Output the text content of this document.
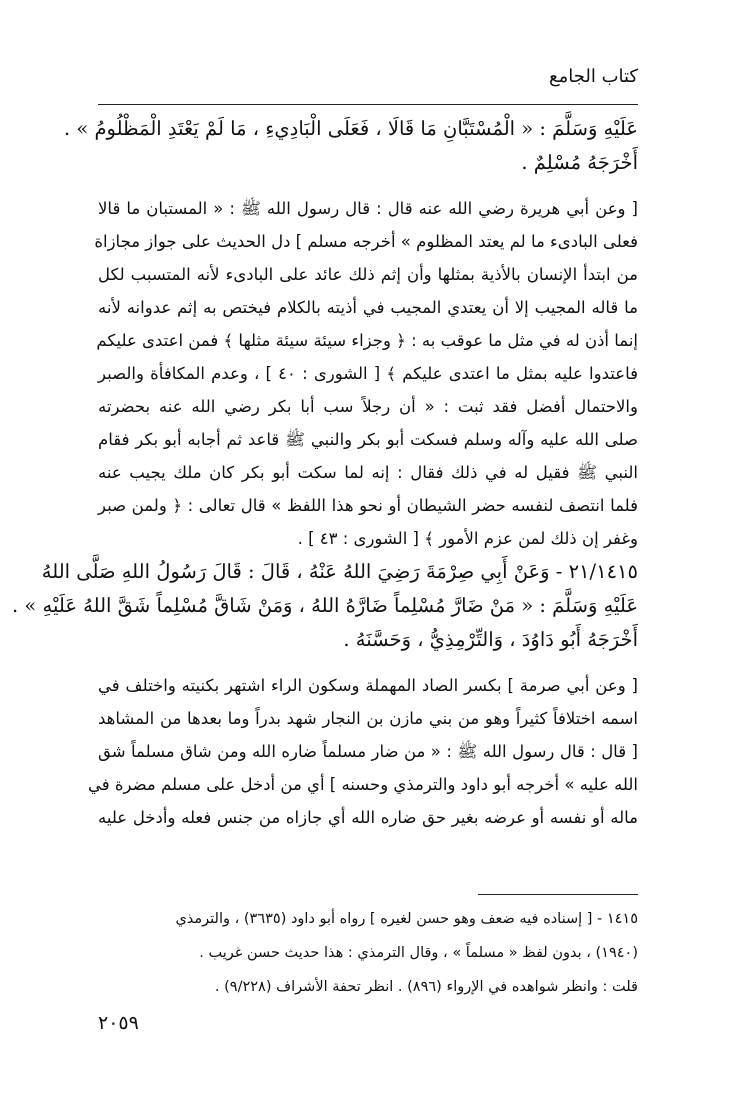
كتاب الجامع
عَلَيْهِ وَسَلَّمَ : « الْمُسْتَبَّانِ مَا قَالَا ، فَعَلَى الْبَادِيءِ ، مَا لَمْ يَعْتَدِ الْمَظْلُومُ » .
أَخْرَجَهُ مُسْلِمٌ .
[ وعن أبي هريرة رضي الله عنه قال : قال رسول الله ﷺ : « المستبان ما قالا
فعلى البادىء ما لم يعتد المظلوم » أخرجه مسلم ] دل الحديث على جواز مجازاة
من ابتدأ الإنسان بالأذية بمثلها وأن إثم ذلك عائد على البادىء لأنه المتسبب لكل
ما قاله المجيب إلا أن يعتدي المجيب في أذيته بالكلام فيختص به إثم عدوانه لأنه
إنما أذن له في مثل ما عوقب به : ﴿ وجزاء سيئة سيئة مثلها ﴾ فمن اعتدى عليكم
فاعتدوا عليه بمثل ما اعتدى عليكم ﴾ [ الشورى : ٤٠ ] ، وعدم المكافأة والصبر
والاحتمال أفضل فقد ثبت : « أن رجلاً سب أبا بكر رضي الله عنه بحضرته
صلى الله عليه وآله وسلم فسكت أبو بكر والنبي ﷺ قاعد ثم أجابه أبو بكر فقام
النبي ﷺ فقيل له في ذلك فقال : إنه لما سكت أبو بكر كان ملك يجيب عنه
فلما انتصف لنفسه حضر الشيطان أو نحو هذا اللفظ » قال تعالى : ﴿ ولمن صبر
وغفر إن ذلك لمن عزم الأمور ﴾ [ الشورى : ٤٣ ] .
٢١/١٤١٥ - وَعَنْ أَبِي صِرْمَةَ رَضِيَ اللهُ عَنْهُ ، قَالَ : قَالَ رَسُولُ اللهِ صَلَّى اللهُ
عَلَيْهِ وَسَلَّمَ : « مَنْ ضَارَّ مُسْلِماً ضَارَّهُ اللهُ ، وَمَنْ شَاقَّ مُسْلِماً شَقَّ اللهُ عَلَيْهِ » .
أَخْرَجَهُ أَبُو دَاوُدَ ، وَالتِّرْمِذِيُّ ، وَحَسَّنَهُ .
[ وعن أبي صرمة ] بكسر الصاد المهملة وسكون الراء اشتهر بكنيته واختلف في
اسمه اختلافاً كثيراً وهو من بني مازن بن النجار شهد بدراً وما بعدها من المشاهد
[ قال : قال رسول الله ﷺ : « من ضار مسلماً ضاره الله ومن شاق مسلماً شق
الله عليه » أخرجه أبو داود والترمذي وحسنه ] أي من أدخل على مسلم مضرة في
ماله أو نفسه أو عرضه بغير حق ضاره الله أي جازاه من جنس فعله وأدخل عليه
١٤١٥ - [ إسناده فيه ضعف وهو حسن لغيره ] رواه أبو داود (٣٦٣٥) ، والترمذي
(١٩٤٠) ، بدون لفظ « مسلماً » ، وقال الترمذي : هذا حديث حسن غريب .
قلت : وانظر شواهده في الإرواء (٨٩٦) . انظر تحفة الأشراف (٩/٢٢٨) .
٢٠٥٩
